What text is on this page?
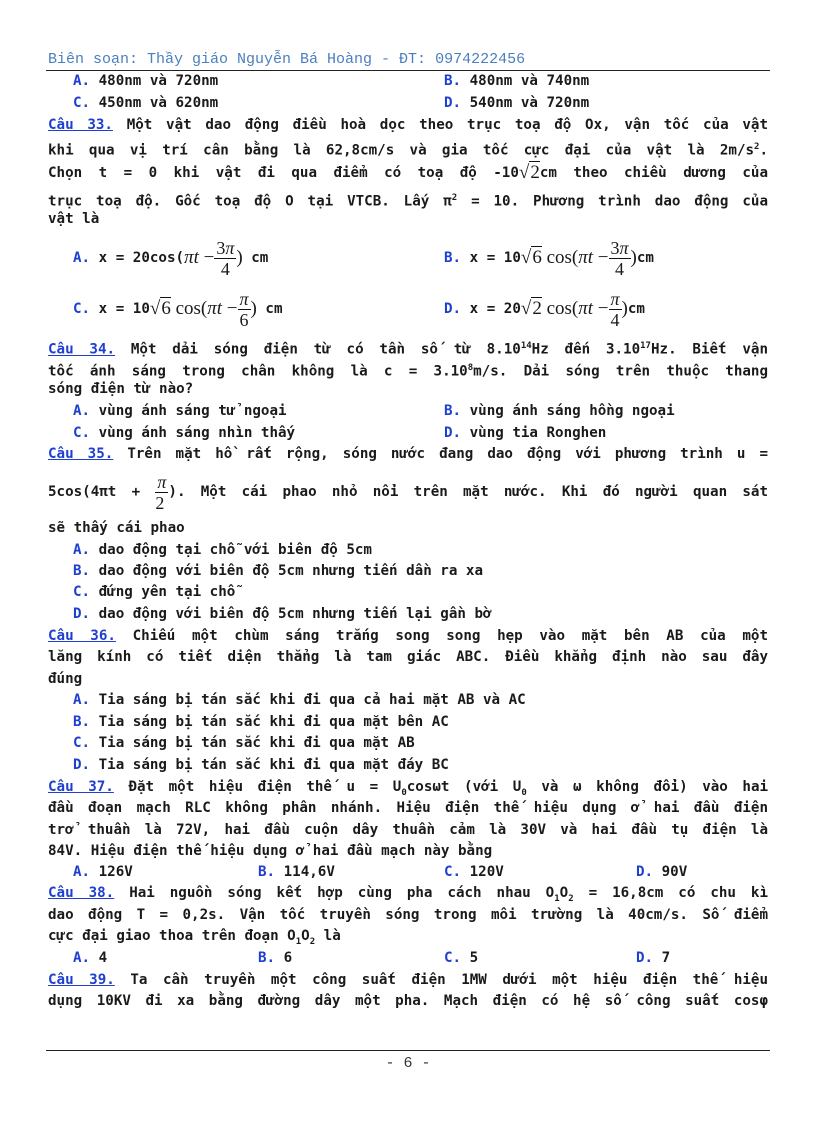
Biên soạn: Thầy giáo Nguyễn Bá Hoàng - ĐT: 0974222456
A. 480nm và 720nm	B. 480nm và 740nm
C. 450nm và 620nm	D. 540nm và 720nm
Câu 33. Một vật dao động điều hoà dọc theo trục toạ độ Ox, vận tốc của vật
khi qua vị trí cân bằng là 62,8cm/s và gia tốc cực đại của vật là $2m/s^2$.
Chọn t = 0 khi vật đi qua điểm có toạ độ -10√2cm theo chiều dương của
trục toạ độ. Gốc toạ độ O tại VTCB. Lấy $\pi^2 = 10$. Phương trình dao động của
vật là
A. $x = 20\cos(\pi t - \frac{3\pi}{4}$ ) cm	B. x = 10√6 $\cos(\pi t - \frac{3\pi}{4} )cm$
C. x = 10√6 $\cos(\pi t - \frac{\pi}{6}$ ) cm	D. x = 20√2 $\cos(\pi t - \frac{\pi}{4} )cm$
Câu 34. Một dải sóng điện từ có tần số từ 8.10$^{14}$Hz đến 3.10$^{17}$Hz. Biết vận
tốc ánh sáng trong chân không là $c = 3.10^8m/s$. Dải sóng trên thuộc thang
sóng điện từ nào?
A. vùng ánh sáng tử ngoại	B. vùng ánh sáng hồng ngoại
C. vùng ánh sáng nhìn thấy	D. vùng tia Ronghen
Câu 35. Trên mặt hồ rất rộng, sóng nước đang dao động với phương trình u =
$5\cos(4\pi t + \frac{\pi}{2}$ ). Một cái phao nhỏ nổi trên mặt nước. Khi đó người quan sát
sẽ thấy cái phao
A. dao động tại chỗ với biên độ 5cm
B. dao động với biên độ 5cm nhưng tiến dần ra xa
C. đứng yên tại chỗ
D. dao động với biên độ 5cm nhưng tiến lại gần bờ
Câu 36. Chiếu một chùm sáng trắng song song hẹp vào mặt bên AB của một
lăng kính có tiết diện thẳng là tam giác ABC. Điều khẳng định nào sau đây
đúng
A. Tia sáng bị tán sắc khi đi qua cả hai mặt AB và AC
B. Tia sáng bị tán sắc khi đi qua mặt bên AC
C. Tia sáng bị tán sắc khi đi qua mặt AB
D. Tia sáng bị tán sắc khi đi qua mặt đáy BC
Câu 37. Đặt một hiệu điện thế $u = U_0\cos\omega t$ (với $U_0$ và ω không đổi) vào hai
đầu đoạn mạch RLC không phân nhánh. Hiệu điện thế hiệu dụng ở hai đầu điện
trở thuần là 72V, hai đầu cuộn dây thuần cảm là 30V và hai đầu tụ điện là
84V. Hiệu điện thế hiệu dụng ở hai đầu mạch này bằng
A. 126V	B. 114,6V	C. 120V	D. 90V
Câu 38. Hai nguồn sóng kết hợp cùng pha cách nhau $O_1O_2 = 16,8cm$ có chu kì
dao động T = 0,2s. Vận tốc truyền sóng trong môi trường là 40cm/s. Số điểm
cực đại giao thoa trên đoạn $O_1O_2$ là
A. 4	B. 6	C. 5	D. 7
Câu 39. Ta cần truyền một công suất điện 1MW dưới một hiệu điện thế hiệu
dụng 10KV đi xa bằng đường dây một pha. Mạch điện có hệ số công suất cosφ
- 6 -
